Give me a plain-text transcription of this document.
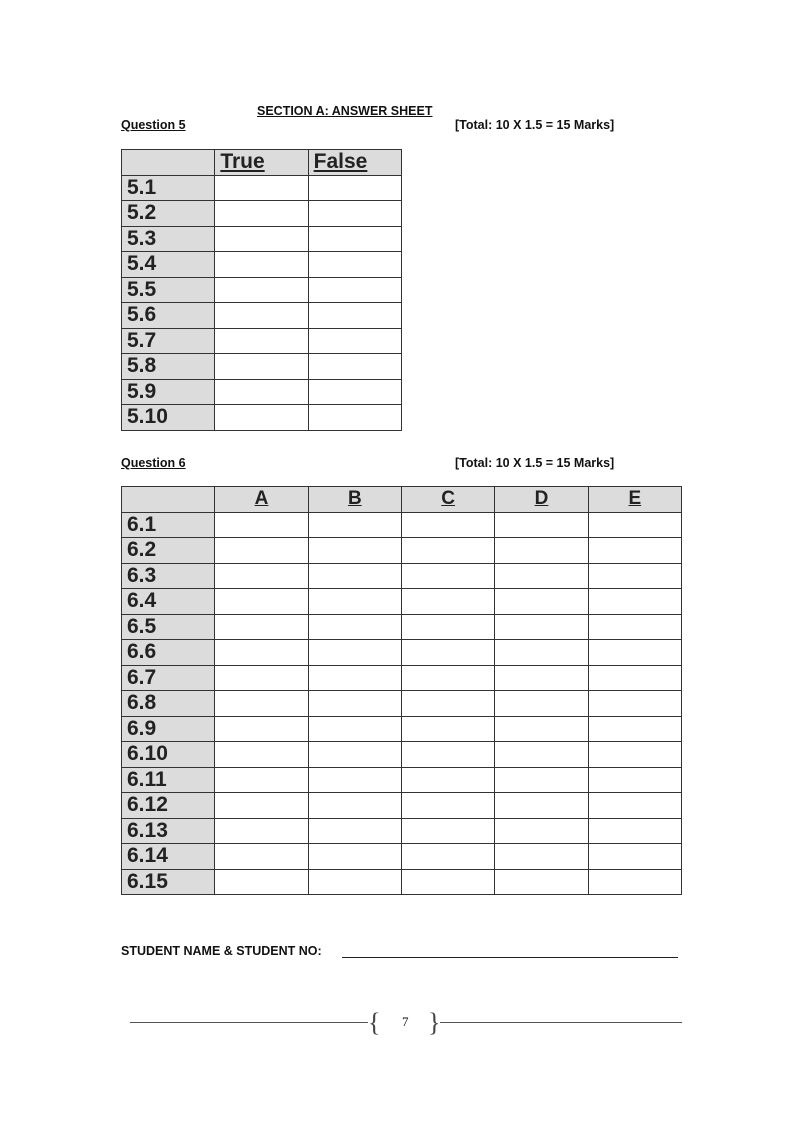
SECTION A: ANSWER SHEET
Question 5	[Total: 10 X 1.5 = 15 Marks]
	True	False
5.1		
5.2		
5.3		
5.4		
5.5		
5.6		
5.7		
5.8		
5.9		
5.10		
Question 6	[Total: 10 X 1.5 = 15 Marks]
	A	B	C	D	E
6.1					
6.2					
6.3					
6.4					
6.5					
6.6					
6.7					
6.8					
6.9					
6.10					
6.11					
6.12					
6.13					
6.14					
6.15					
STUDENT NAME & STUDENT NO:
{ 7 }
